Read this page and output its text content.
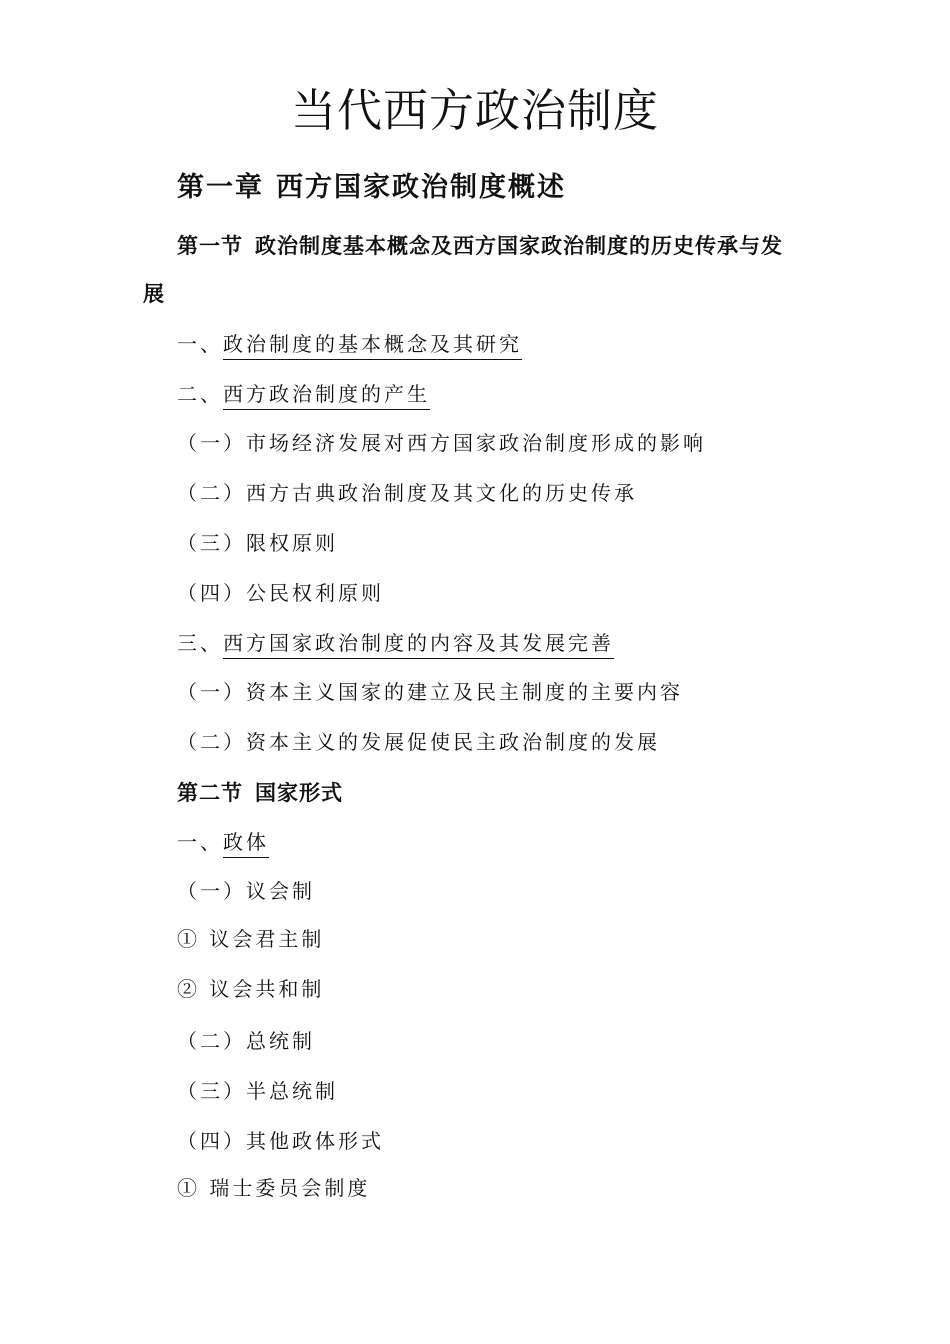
当代西方政治制度
第一章 西方国家政治制度概述
第一节 政治制度基本概念及西方国家政治制度的历史传承与发
展
一、政治制度的基本概念及其研究
二、西方政治制度的产生
（一）市场经济发展对西方国家政治制度形成的影响
（二）西方古典政治制度及其文化的历史传承
（三）限权原则
（四）公民权利原则
三、西方国家政治制度的内容及其发展完善
（一）资本主义国家的建立及民主制度的主要内容
（二）资本主义的发展促使民主政治制度的发展
第二节 国家形式
一、政体
（一）议会制
① 议会君主制
② 议会共和制
（二）总统制
（三）半总统制
（四）其他政体形式
① 瑞士委员会制度
